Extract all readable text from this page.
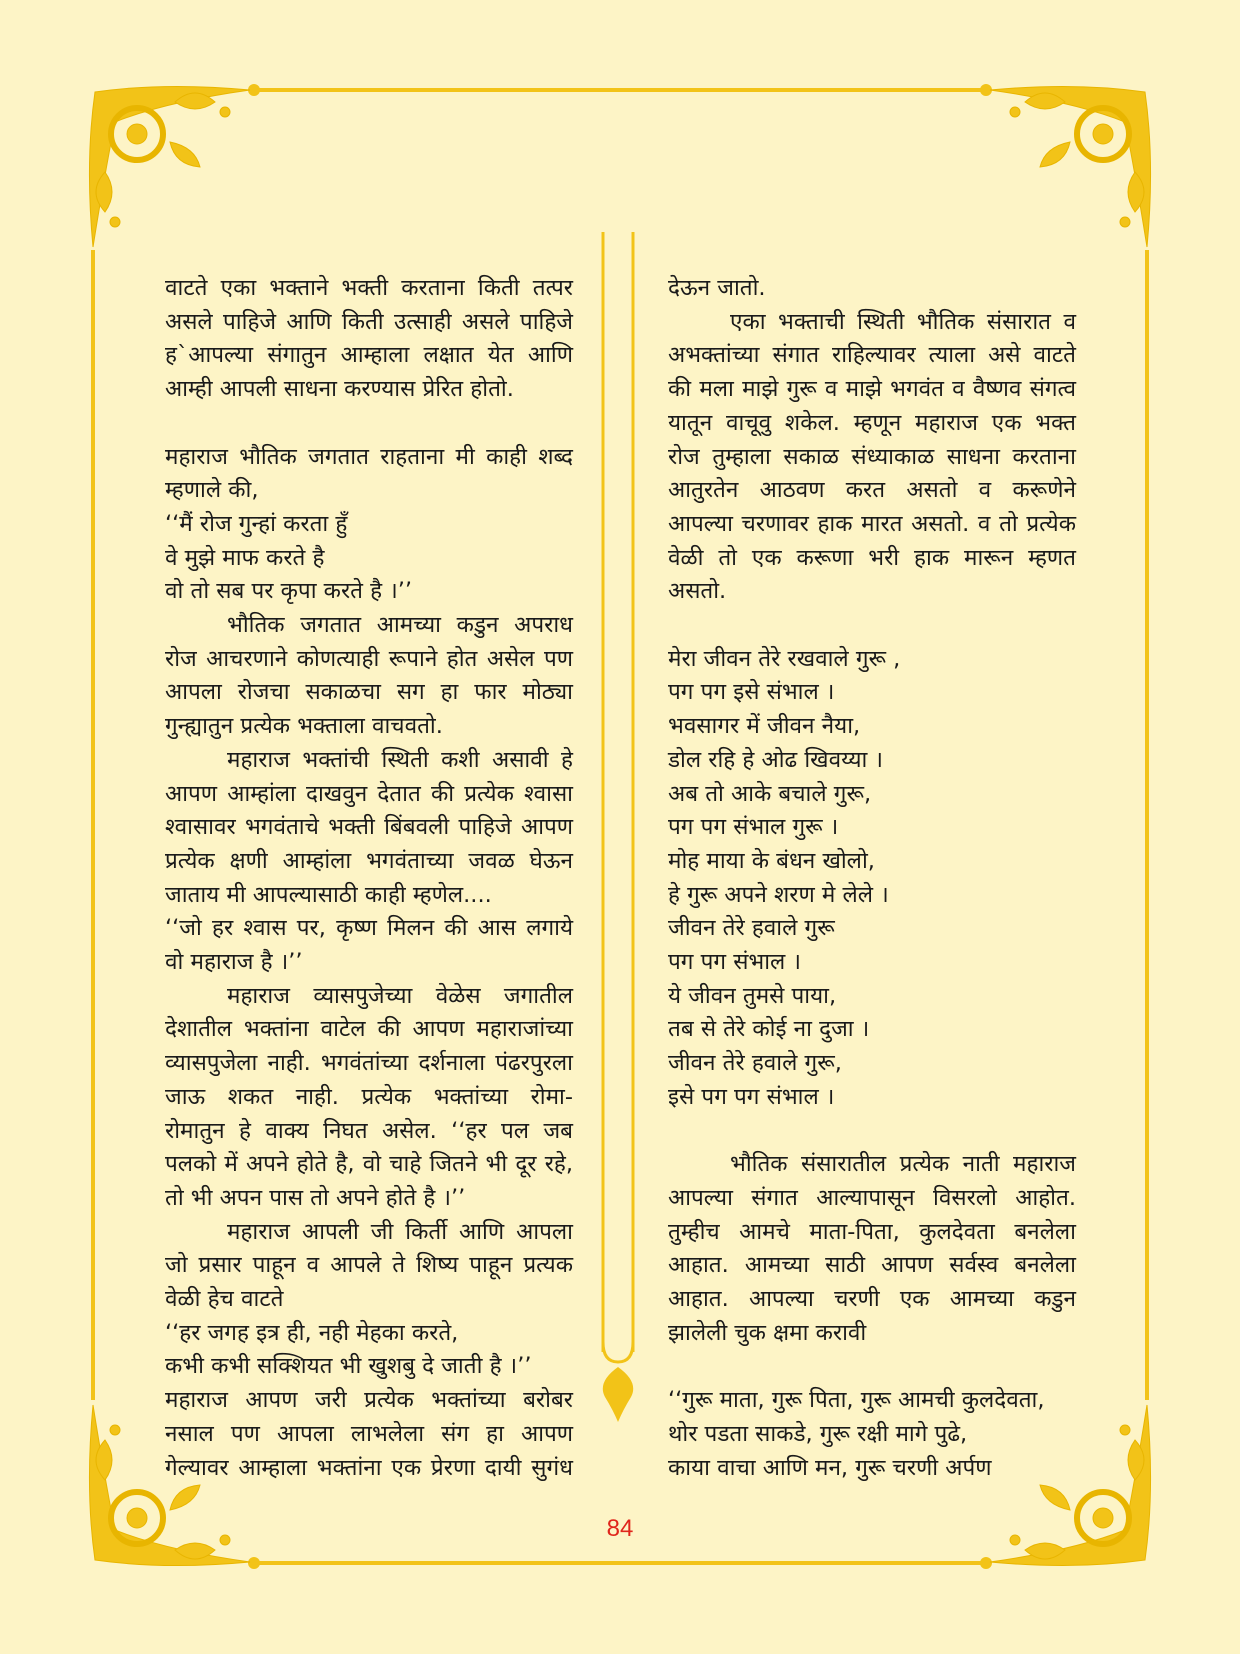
वाटते एका भक्ताने भक्ती करताना किती तत्पर

असले पाहिजे आणि किती उत्साही असले पाहिजे

ह`आपल्या संगातुन आम्हाला लक्षात येत आणि

आम्ही आपली साधना करण्यास प्रेरित होतो.

महाराज भौतिक जगतात राहताना मी काही शब्द

म्हणाले की,

‘‘मैं रोज गुन्हां करता हुँ

वे मुझे माफ करते है

वो तो सब पर कृपा करते है ।’’

भौतिक जगतात आमच्या कडुन अपराध

रोज आचरणाने कोणत्याही रूपाने होत असेल पण

आपला रोजचा सकाळचा सग हा फार मोठ्या

गुन्ह्यातुन प्रत्येक भक्ताला वाचवतो.

महाराज भक्तांची स्थिती कशी असावी हे

आपण आम्हांला दाखवुन देतात की प्रत्येक श्वासा

श्वासावर भगवंताचे भक्ती बिंबवली पाहिजे आपण

प्रत्येक क्षणी आम्हांला भगवंताच्या जवळ घेऊन

जाताय मी आपल्यासाठी काही म्हणेल....

‘‘जो हर श्वास पर, कृष्ण मिलन की आस लगाये

वो महाराज है ।’’

महाराज व्यासपुजेच्या वेळेस जगातील

देशातील भक्तांना वाटेल की आपण महाराजांच्या

व्यासपुजेला नाही. भगवंतांच्या दर्शनाला पंढरपुरला

जाऊ शकत नाही. प्रत्येक भक्तांच्या रोमा-

रोमातुन हे वाक्य निघत असेल. ‘‘हर पल जब

पलको में अपने होते है, वो चाहे जितने भी दूर रहे,

तो भी अपन पास तो अपने होते है ।’’

महाराज आपली जी किर्ती आणि आपला

जो प्रसार पाहून व आपले ते शिष्य पाहून प्रत्यक

वेळी हेच वाटते

‘‘हर जगह इत्र ही, नही मेहका करते,

कभी कभी सक्शियत भी खुशबु दे जाती है ।’’

महाराज आपण जरी प्रत्येक भक्तांच्या बरोबर

नसाल पण आपला लाभलेला संग हा आपण

गेल्यावर आम्हाला भक्तांना एक प्रेरणा दायी सुगंध

देऊन जातो.

एका भक्ताची स्थिती भौतिक संसारात व

अभक्तांच्या संगात राहिल्यावर त्याला असे वाटते

की मला माझे गुरू व माझे भगवंत व वैष्णव संगत्व

यातून वाचूवु शकेल. म्हणून महाराज एक भक्त

रोज तुम्हाला सकाळ संध्याकाळ साधना करताना

आतुरतेन आठवण करत असतो व करूणेने

आपल्या चरणावर हाक मारत असतो. व तो प्रत्येक

वेळी तो एक करूणा भरी हाक मारून म्हणत

असतो.

मेरा जीवन तेरे रखवाले गुरू ,

पग पग इसे संभाल ।

भवसागर में जीवन नैया,

डोल रहि हे ओढ खिवय्या ।

अब तो आके बचाले गुरू,

पग पग संभाल गुरू ।

मोह माया के बंधन खोलो,

हे गुरू अपने शरण मे लेले ।

जीवन तेरे हवाले गुरू

पग पग संभाल ।

ये जीवन तुमसे पाया,

तब से तेरे कोई ना दुजा ।

जीवन तेरे हवाले गुरू,

इसे पग पग संभाल ।

भौतिक संसारातील प्रत्येक नाती महाराज

आपल्या संगात आल्यापासून विसरलो आहोत.

तुम्हीच आमचे माता-पिता, कुलदेवता बनलेला

आहात. आमच्या साठी आपण सर्वस्व बनलेला

आहात. आपल्या चरणी एक आमच्या कडुन

झालेली चुक क्षमा करावी

‘‘गुरू माता, गुरू पिता, गुरू आमची कुलदेवता,

थोर पडता साकडे, गुरू रक्षी मागे पुढे,

काया वाचा आणि मन, गुरू चरणी अर्पण

84
